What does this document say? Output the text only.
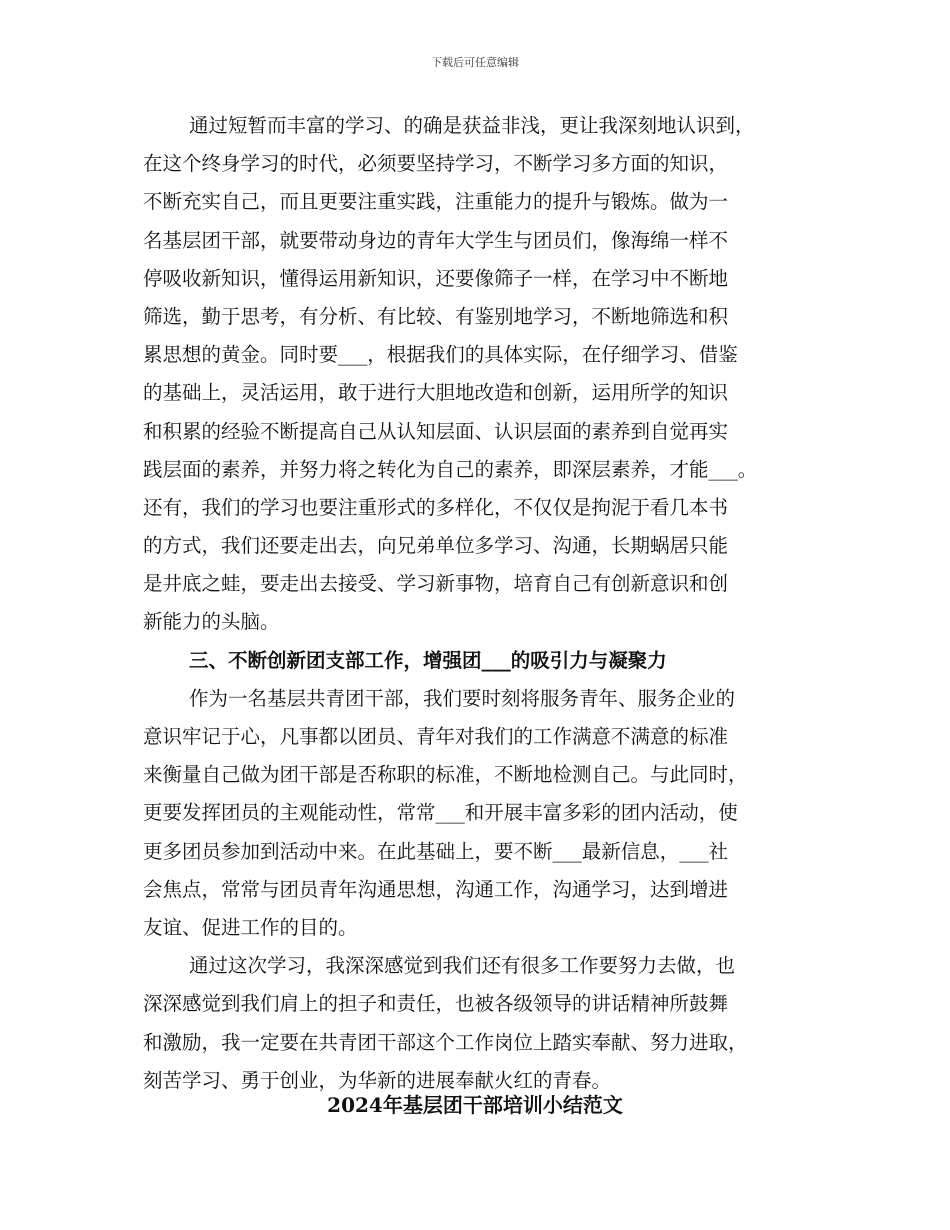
下载后可任意编辑
通过短暂而丰富的学习、的确是获益非浅，更让我深刻地认识到，
在这个终身学习的时代，必须要坚持学习，不断学习多方面的知识，
不断充实自己，而且更要注重实践，注重能力的提升与锻炼。做为一
名基层团干部，就要带动身边的青年大学生与团员们，像海绵一样不
停吸收新知识，懂得运用新知识，还要像筛子一样，在学习中不断地
筛选，勤于思考，有分析、有比较、有鉴别地学习，不断地筛选和积
累思想的黄金。同时要___，根据我们的具体实际，在仔细学习、借鉴
的基础上，灵活运用，敢于进行大胆地改造和创新，运用所学的知识
和积累的经验不断提高自己从认知层面、认识层面的素养到自觉再实
践层面的素养，并努力将之转化为自己的素养，即深层素养，才能___。
还有，我们的学习也要注重形式的多样化，不仅仅是拘泥于看几本书
的方式，我们还要走出去，向兄弟单位多学习、沟通，长期蜗居只能
是井底之蛙，要走出去接受、学习新事物，培育自己有创新意识和创
新能力的头脑。
三、不断创新团支部工作，增强团___的吸引力与凝聚力
作为一名基层共青团干部，我们要时刻将服务青年、服务企业的
意识牢记于心，凡事都以团员、青年对我们的工作满意不满意的标准
来衡量自己做为团干部是否称职的标准，不断地检测自己。与此同时，
更要发挥团员的主观能动性，常常___和开展丰富多彩的团内活动，使
更多团员参加到活动中来。在此基础上，要不断___最新信息，___社
会焦点，常常与团员青年沟通思想，沟通工作，沟通学习，达到增进
友谊、促进工作的目的。
通过这次学习，我深深感觉到我们还有很多工作要努力去做，也
深深感觉到我们肩上的担子和责任，也被各级领导的讲话精神所鼓舞
和激励，我一定要在共青团干部这个工作岗位上踏实奉献、努力进取，
刻苦学习、勇于创业，为华新的进展奉献火红的青春。
2024年基层团干部培训小结范文
